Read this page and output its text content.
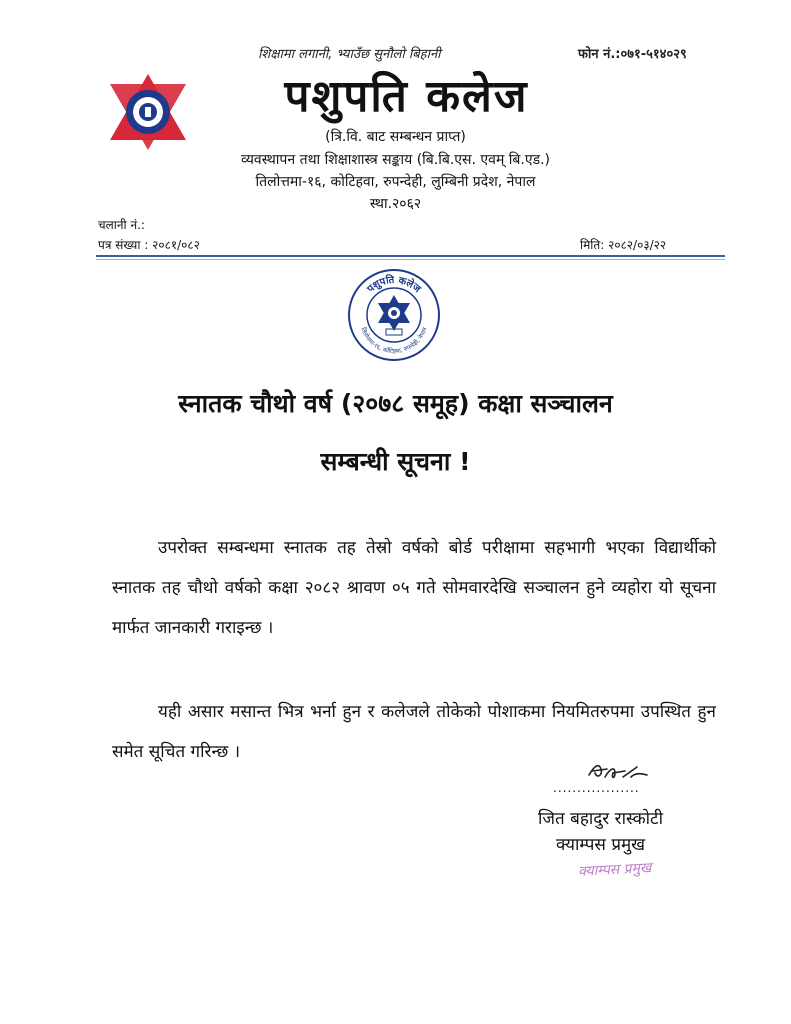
शिक्षामा लगानी, भ्याउँछ सुनौलो बिहानी	फोन नं.:०७१-५१४०२९
पशुपति कलेज
(त्रि.वि. बाट सम्बन्धन प्राप्त)
व्यवस्थापन तथा शिक्षाशास्त्र सङ्काय (बि.बि.एस. एवम् बि.एड.)
तिलोत्तमा-१६, कोटिहवा, रुपन्देही, लुम्बिनी प्रदेश, नेपाल
स्था.२०६२
चलानी नं.:
पत्र संख्या : २०८१/०८२	मिति: २०८२/०३/२२
पशुपति कलेज
तिलोत्तमा-१६, कोटिहवा, रुपन्देही, नेपाल
स्नातक चौथो वर्ष (२०७८ समूह) कक्षा सञ्चालन
सम्बन्धी सूचना !
उपरोक्त सम्बन्धमा स्नातक तह तेस्रो वर्षको बोर्ड परीक्षामा सहभागी भएका विद्यार्थीको स्नातक तह चौथो वर्षको कक्षा २०८२ श्रावण ०५ गते सोमवारदेखि सञ्चालन हुने व्यहोरा यो सूचना मार्फत जानकारी गराइन्छ ।
यही असार मसान्त भित्र भर्ना हुन र कलेजले तोकेको पोशाकमा नियमितरुपमा उपस्थित हुन समेत सूचित गरिन्छ ।
..................
जित बहादुर रास्कोटी
क्याम्पस प्रमुख
क्याम्पस प्रमुख
